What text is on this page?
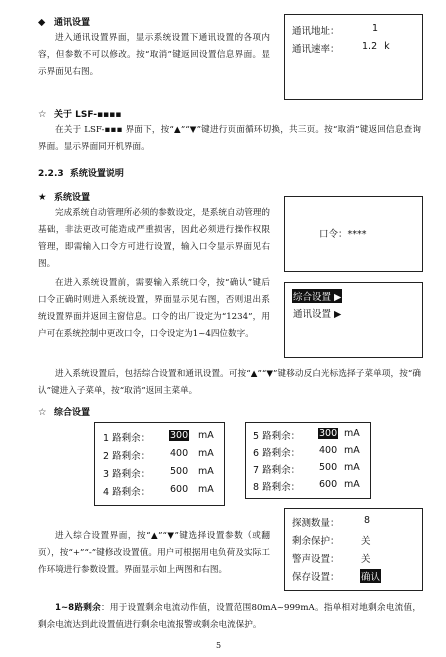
◆ 通讯设置
进入通讯设置界面，显示系统设置下通讯设置的各项内容，但参数不可以修改。按“取消”键返回设置信息界面。显示界面见右图。
通讯地址：	1
通讯速率： 1.2 k
☆ 关于 LSF-▪▪▪▪
在关于 LSF-▪▪▪ 界面下，按“▲”“▼”键进行页面循环切换，共三页。按“取消”键返回信息查询界面。显示界面同开机界面。
2.2.3 系统设置说明
★ 系统设置
完成系统自动管理所必须的参数设定，是系统自动管理的基础，非法更改可能造成严重损害，因此必须进行操作权限管理，即需输入口令方可进行设置，输入口令显示界面见右图。
在进入系统设置前，需要输入系统口令，按“确认”键后口令正确时则进入系统设置，界面显示见右图，否则退出系统设置界面并返回主窗信息。口令的出厂设定为“1234”，用户可在系统控制中更改口令，口令设定为1~4四位数字。
进入系统设置后，包括综合设置和通讯设置。可按“▲”“▼”键移动反白光标选择子菜单项，按“确认”键进入子菜单，按“取消”返回主菜单。
口令：****
综合设置 ▶
通讯设置 ▶
☆ 综合设置
1 路剩余： 300 mA
2 路剩余： 400 mA
3 路剩余： 500 mA
4 路剩余： 600 mA
5 路剩余： 300 mA
6 路剩余： 400 mA
7 路剩余： 500 mA
8 路剩余： 600 mA
进入综合设置界面，按“▲”“▼”键选择设置参数（或翻页），按“+”“-”键修改设置值。用户可根据用电负荷及实际工作环境进行参数设置。界面显示如上两图和右图。
探测数量：	8
剩余保护： 关
警声设置： 关
保存设置： 确认
1~8路剩余：用于设置剩余电流动作值，设置范围80mA~999mA。指单相对地剩余电流值，剩余电流达到此设置值进行剩余电流报警或剩余电流保护。
5
